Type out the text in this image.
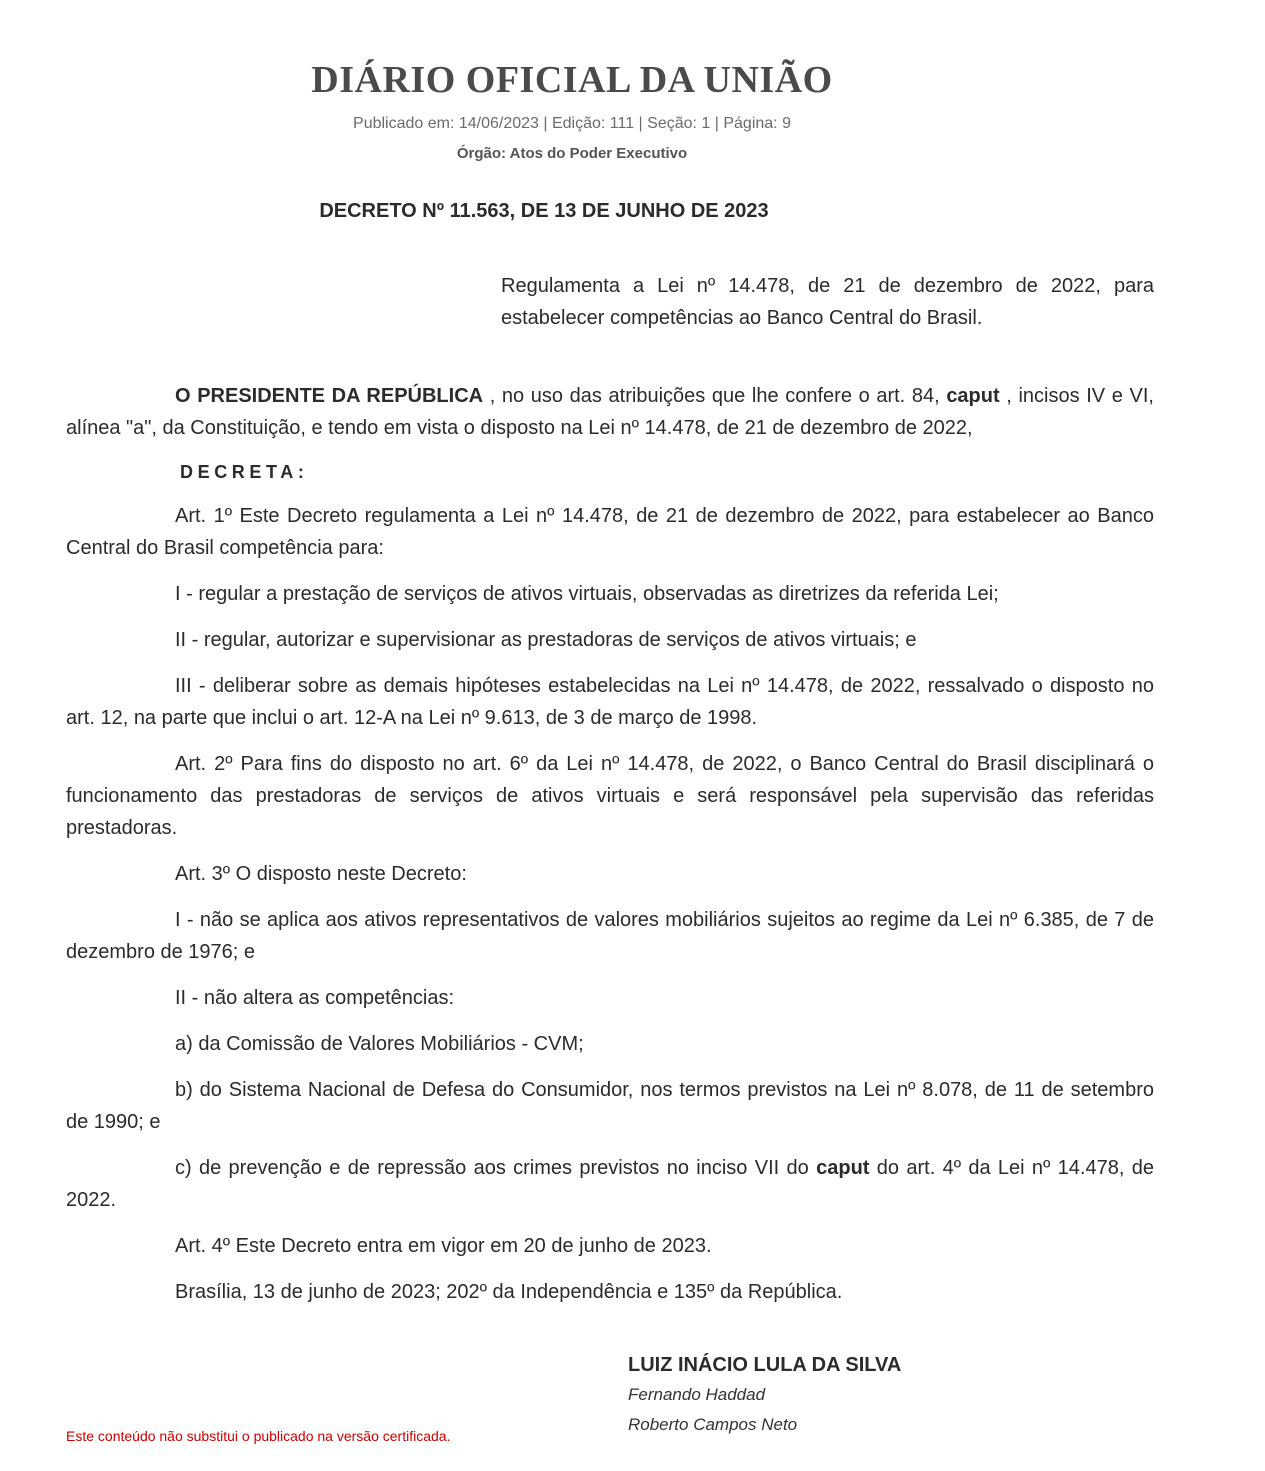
DIÁRIO OFICIAL DA UNIÃO
Publicado em: 14/06/2023 | Edição: 111 | Seção: 1 | Página: 9
Órgão: Atos do Poder Executivo
DECRETO Nº 11.563, DE 13 DE JUNHO DE 2023
Regulamenta a Lei nº 14.478, de 21 de dezembro de 2022, para estabelecer competências ao Banco Central do Brasil.

O PRESIDENTE DA REPÚBLICA , no uso das atribuições que lhe confere o art. 84, caput , incisos IV e VI, alínea "a", da Constituição, e tendo em vista o disposto na Lei nº 14.478, de 21 de dezembro de 2022,

DECRETA:

Art. 1º Este Decreto regulamenta a Lei nº 14.478, de 21 de dezembro de 2022, para estabelecer ao Banco Central do Brasil competência para:

I - regular a prestação de serviços de ativos virtuais, observadas as diretrizes da referida Lei;

II - regular, autorizar e supervisionar as prestadoras de serviços de ativos virtuais; e

III - deliberar sobre as demais hipóteses estabelecidas na Lei nº 14.478, de 2022, ressalvado o disposto no art. 12, na parte que inclui o art. 12-A na Lei nº 9.613, de 3 de março de 1998.

Art. 2º Para fins do disposto no art. 6º da Lei nº 14.478, de 2022, o Banco Central do Brasil disciplinará o funcionamento das prestadoras de serviços de ativos virtuais e será responsável pela supervisão das referidas prestadoras.

Art. 3º O disposto neste Decreto:

I - não se aplica aos ativos representativos de valores mobiliários sujeitos ao regime da Lei nº 6.385, de 7 de dezembro de 1976; e

II - não altera as competências:

a) da Comissão de Valores Mobiliários - CVM;

b) do Sistema Nacional de Defesa do Consumidor, nos termos previstos na Lei nº 8.078, de 11 de setembro de 1990; e

c) de prevenção e de repressão aos crimes previstos no inciso VII do caput do art. 4º da Lei nº 14.478, de 2022.

Art. 4º Este Decreto entra em vigor em 20 de junho de 2023.

Brasília, 13 de junho de 2023; 202º da Independência e 135º da República.

LUIZ INÁCIO LULA DA SILVA
Fernando Haddad
Roberto Campos Neto
Este conteúdo não substitui o publicado na versão certificada.
